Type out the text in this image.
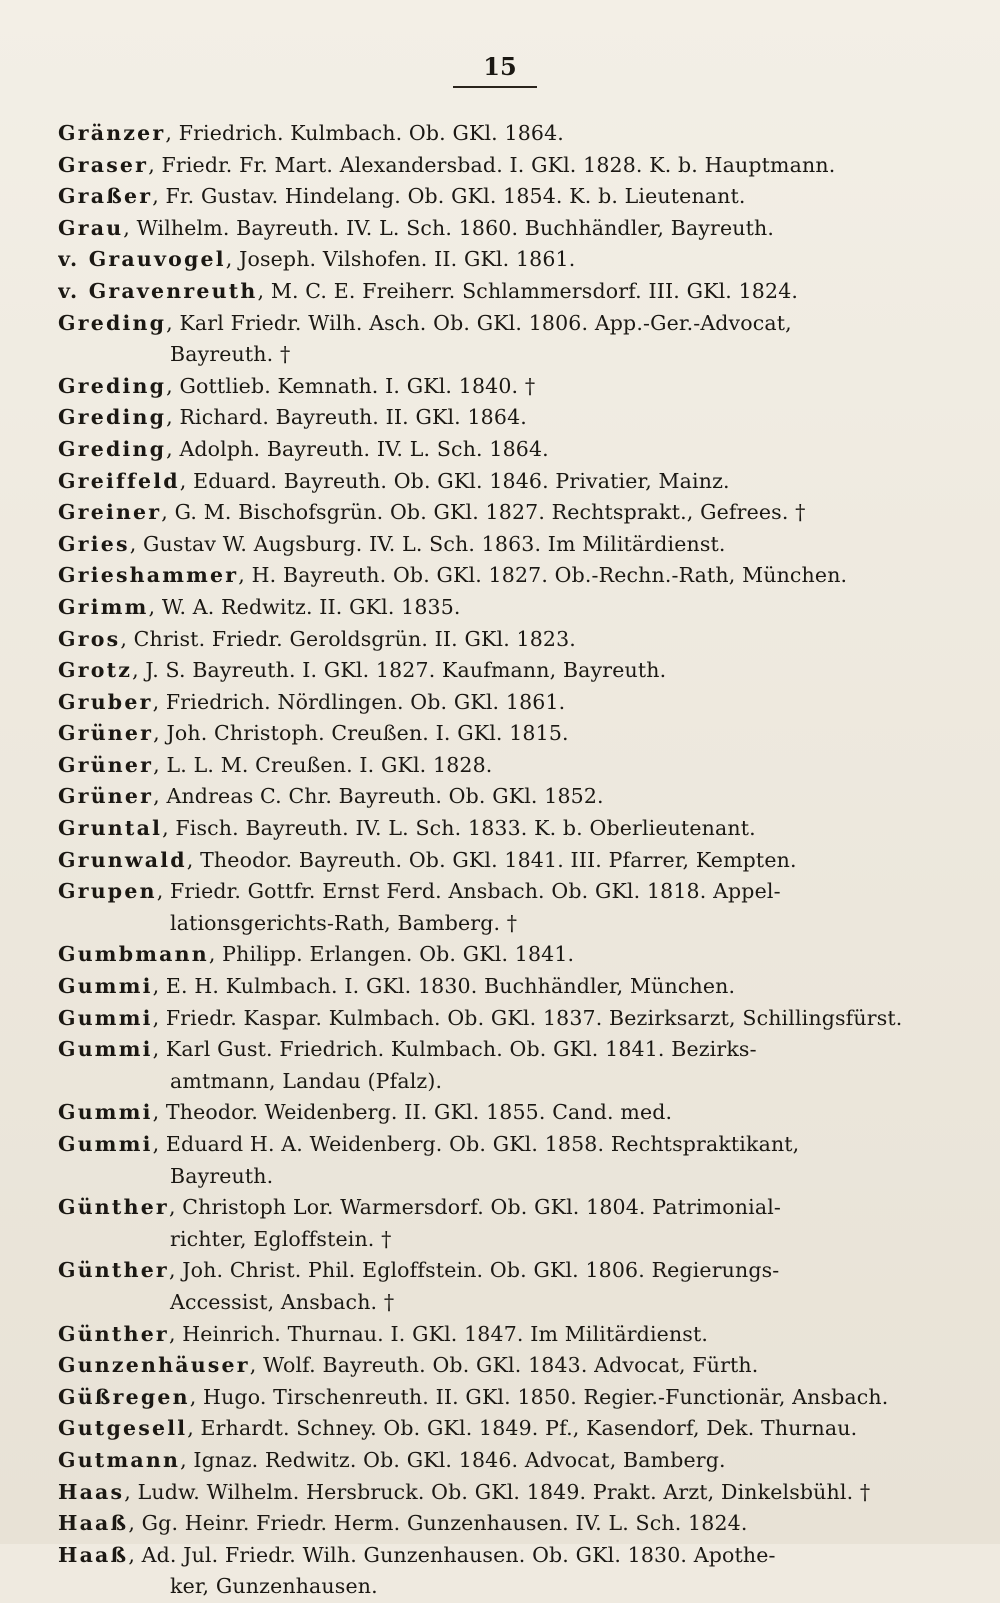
15
Gränzer, Friedrich. Kulmbach. Ob. GKl. 1864.
Graser, Friedr. Fr. Mart. Alexandersbad. I. GKl. 1828. K. b. Hauptmann.
Graßer, Fr. Gustav. Hindelang. Ob. GKl. 1854. K. b. Lieutenant.
Grau, Wilhelm. Bayreuth. IV. L. Sch. 1860. Buchhändler, Bayreuth.
v. Grauvogel, Joseph. Vilshofen. II. GKl. 1861.
v. Gravenreuth, M. C. E. Freiherr. Schlammersdorf. III. GKl. 1824.
Greding, Karl Friedr. Wilh. Asch. Ob. GKl. 1806. App.-Ger.-Advocat,
Bayreuth. †
Greding, Gottlieb. Kemnath. I. GKl. 1840. †
Greding, Richard. Bayreuth. II. GKl. 1864.
Greding, Adolph. Bayreuth. IV. L. Sch. 1864.
Greiffeld, Eduard. Bayreuth. Ob. GKl. 1846. Privatier, Mainz.
Greiner, G. M. Bischofsgrün. Ob. GKl. 1827. Rechtsprakt., Gefrees. †
Gries, Gustav W. Augsburg. IV. L. Sch. 1863. Im Militärdienst.
Grieshammer, H. Bayreuth. Ob. GKl. 1827. Ob.-Rechn.-Rath, München.
Grimm, W. A. Redwitz. II. GKl. 1835.
Gros, Christ. Friedr. Geroldsgrün. II. GKl. 1823.
Grotz, J. S. Bayreuth. I. GKl. 1827. Kaufmann, Bayreuth.
Gruber, Friedrich. Nördlingen. Ob. GKl. 1861.
Grüner, Joh. Christoph. Creußen. I. GKl. 1815.
Grüner, L. L. M. Creußen. I. GKl. 1828.
Grüner, Andreas C. Chr. Bayreuth. Ob. GKl. 1852.
Gruntal, Fisch. Bayreuth. IV. L. Sch. 1833. K. b. Oberlieutenant.
Grunwald, Theodor. Bayreuth. Ob. GKl. 1841. III. Pfarrer, Kempten.
Grupen, Friedr. Gottfr. Ernst Ferd. Ansbach. Ob. GKl. 1818. Appel-
lationsgerichts-Rath, Bamberg. †
Gumbmann, Philipp. Erlangen. Ob. GKl. 1841.
Gummi, E. H. Kulmbach. I. GKl. 1830. Buchhändler, München.
Gummi, Friedr. Kaspar. Kulmbach. Ob. GKl. 1837. Bezirksarzt, Schillingsfürst.
Gummi, Karl Gust. Friedrich. Kulmbach. Ob. GKl. 1841. Bezirks-
amtmann, Landau (Pfalz).
Gummi, Theodor. Weidenberg. II. GKl. 1855. Cand. med.
Gummi, Eduard H. A. Weidenberg. Ob. GKl. 1858. Rechtspraktikant,
Bayreuth.
Günther, Christoph Lor. Warmersdorf. Ob. GKl. 1804. Patrimonial-
richter, Egloffstein. †
Günther, Joh. Christ. Phil. Egloffstein. Ob. GKl. 1806. Regierungs-
Accessist, Ansbach. †
Günther, Heinrich. Thurnau. I. GKl. 1847. Im Militärdienst.
Gunzenhäuser, Wolf. Bayreuth. Ob. GKl. 1843. Advocat, Fürth.
Güßregen, Hugo. Tirschenreuth. II. GKl. 1850. Regier.-Functionär, Ansbach.
Gutgesell, Erhardt. Schney. Ob. GKl. 1849. Pf., Kasendorf, Dek. Thurnau.
Gutmann, Ignaz. Redwitz. Ob. GKl. 1846. Advocat, Bamberg.
Haas, Ludw. Wilhelm. Hersbruck. Ob. GKl. 1849. Prakt. Arzt, Dinkelsbühl. †
Haaß, Gg. Heinr. Friedr. Herm. Gunzenhausen. IV. L. Sch. 1824.
Haaß, Ad. Jul. Friedr. Wilh. Gunzenhausen. Ob. GKl. 1830. Apothe-
ker, Gunzenhausen.
